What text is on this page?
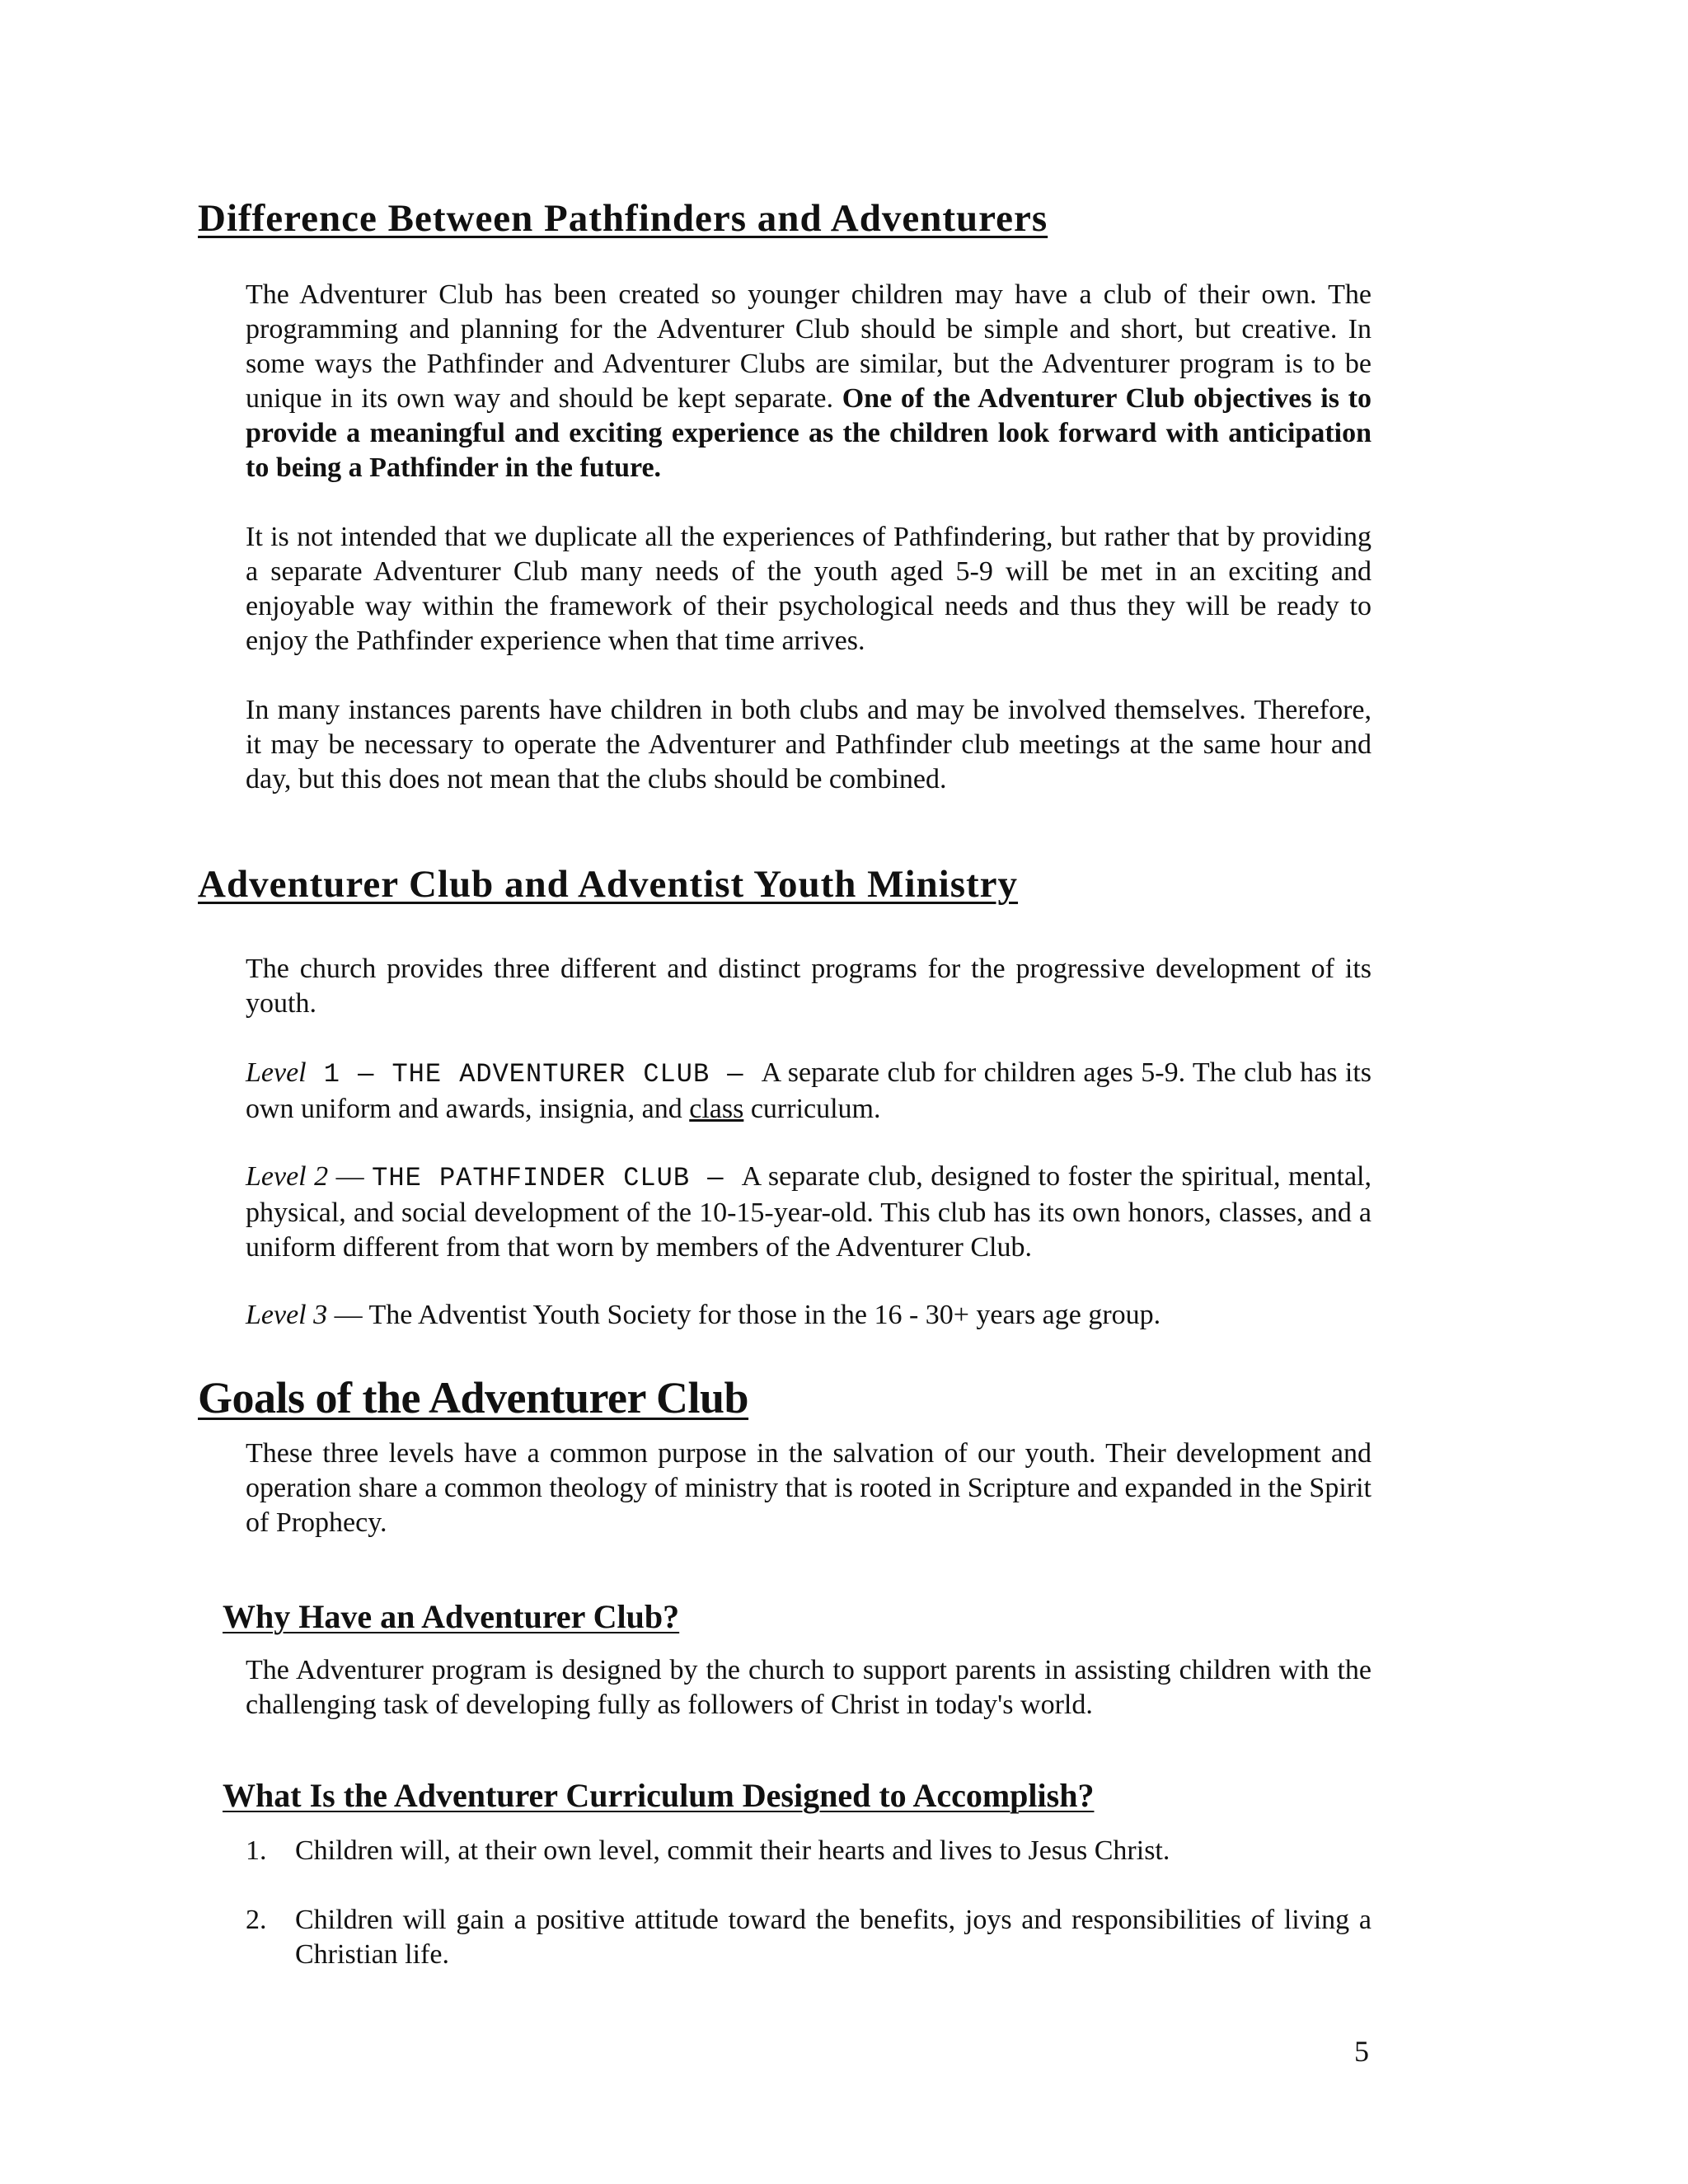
Difference Between Pathfinders and Adventurers

The Adventurer Club has been created so younger children may have a club of their own. The programming and planning for the Adventurer Club should be simple and short, but creative. In some ways the Pathfinder and Adventurer Clubs are similar, but the Adventurer program is to be unique in its own way and should be kept separate. One of the Adventurer Club objectives is to provide a meaningful and exciting experience as the children look forward with anticipation to being a Pathfinder in the future.

It is not intended that we duplicate all the experiences of Pathfindering, but rather that by providing a separate Adventurer Club many needs of the youth aged 5-9 will be met in an exciting and enjoyable way within the framework of their psychological needs and thus they will be ready to enjoy the Pathfinder experience when that time arrives.

In many instances parents have children in both clubs and may be involved themselves. Therefore, it may be necessary to operate the Adventurer and Pathfinder club meetings at the same hour and day, but this does not mean that the clubs should be combined.

Adventurer Club and Adventist Youth Ministry

The church provides three different and distinct programs for the progressive development of its youth.

Level 1 — THE ADVENTURER CLUB — A separate club for children ages 5-9. The club has its own uniform and awards, insignia, and class curriculum.

Level 2 — THE PATHFINDER CLUB — A separate club, designed to foster the spiritual, mental, physical, and social development of the 10-15-year-old. This club has its own honors, classes, and a uniform different from that worn by members of the Adventurer Club.

Level 3 — The Adventist Youth Society for those in the 16 - 30+ years age group.

Goals of the Adventurer Club

These three levels have a common purpose in the salvation of our youth. Their development and operation share a common theology of ministry that is rooted in Scripture and expanded in the Spirit of Prophecy.

Why Have an Adventurer Club?

The Adventurer program is designed by the church to support parents in assisting children with the challenging task of developing fully as followers of Christ in today's world.

What Is the Adventurer Curriculum Designed to Accomplish?
1. Children will, at their own level, commit their hearts and lives to Jesus Christ.
2. Children will gain a positive attitude toward the benefits, joys and responsibilities of living a Christian life.
5
